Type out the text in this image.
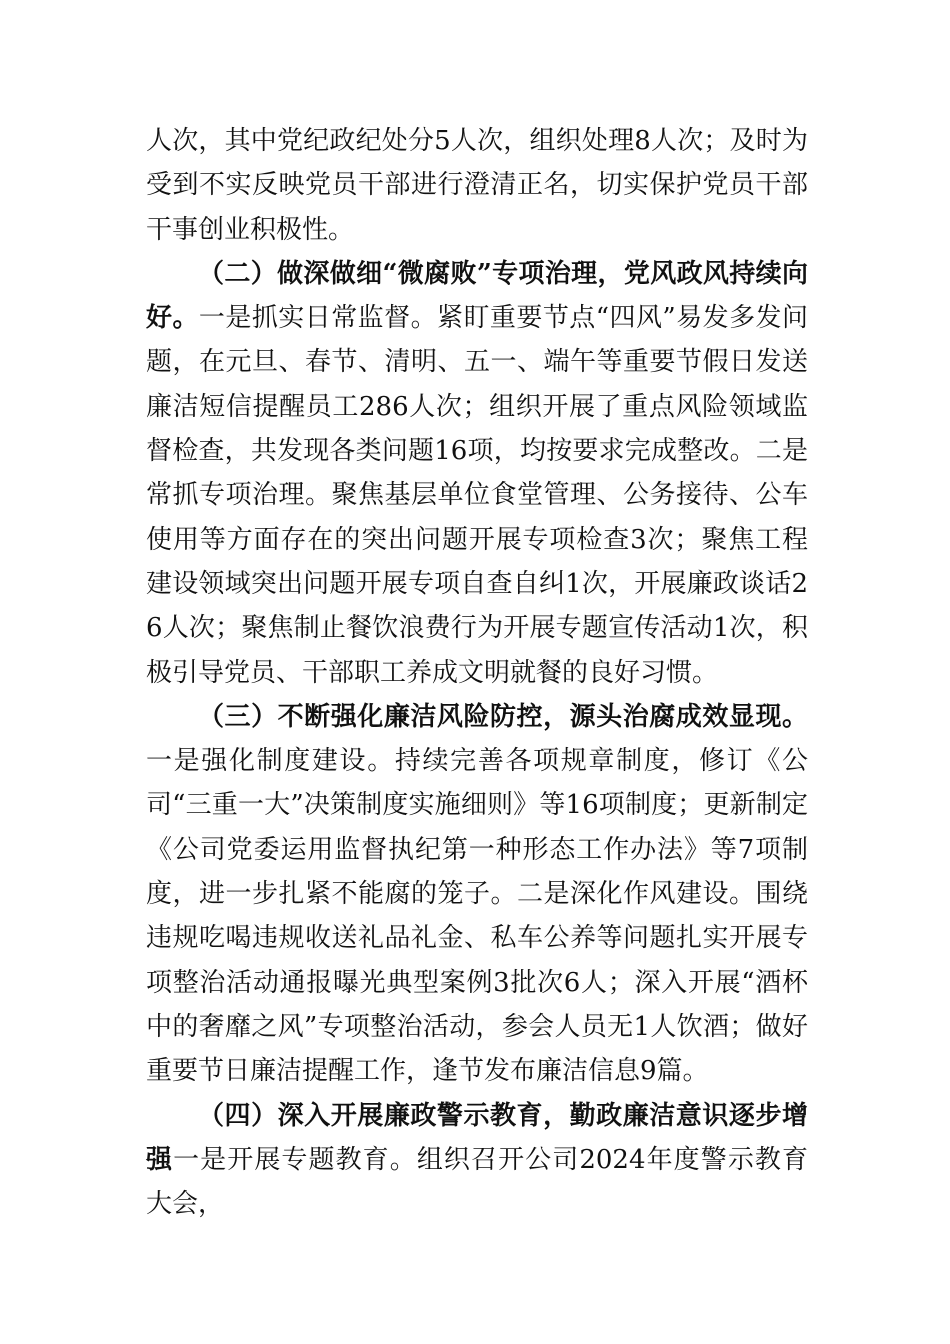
人次，其中党纪政纪处分5人次，组织处理8人次；及时为受到不实反映党员干部进行澄清正名，切实保护党员干部干事创业积极性。

（二）做深做细“微腐败”专项治理，党风政风持续向好。一是抓实日常监督。紧盯重要节点“四风”易发多发问题，在元旦、春节、清明、五一、端午等重要节假日发送廉洁短信提醒员工286人次；组织开展了重点风险领域监督检查，共发现各类问题16项，均按要求完成整改。二是常抓专项治理。聚焦基层单位食堂管理、公务接待、公车使用等方面存在的突出问题开展专项检查3次；聚焦工程建设领域突出问题开展专项自查自纠1次，开展廉政谈话26人次；聚焦制止餐饮浪费行为开展专题宣传活动1次，积极引导党员、干部职工养成文明就餐的良好习惯。

（三）不断强化廉洁风险防控，源头治腐成效显现。一是强化制度建设。持续完善各项规章制度，修订《公司“三重一大”决策制度实施细则》等16项制度；更新制定《公司党委运用监督执纪第一种形态工作办法》等7项制度，进一步扎紧不能腐的笼子。二是深化作风建设。围绕违规吃喝违规收送礼品礼金、私车公养等问题扎实开展专项整治活动通报曝光典型案例3批次6人；深入开展“酒杯中的奢靡之风”专项整治活动，参会人员无1人饮酒；做好重要节日廉洁提醒工作，逢节发布廉洁信息9篇。

（四）深入开展廉政警示教育，勤政廉洁意识逐步增强一是开展专题教育。组织召开公司2024年度警示教育大会，
